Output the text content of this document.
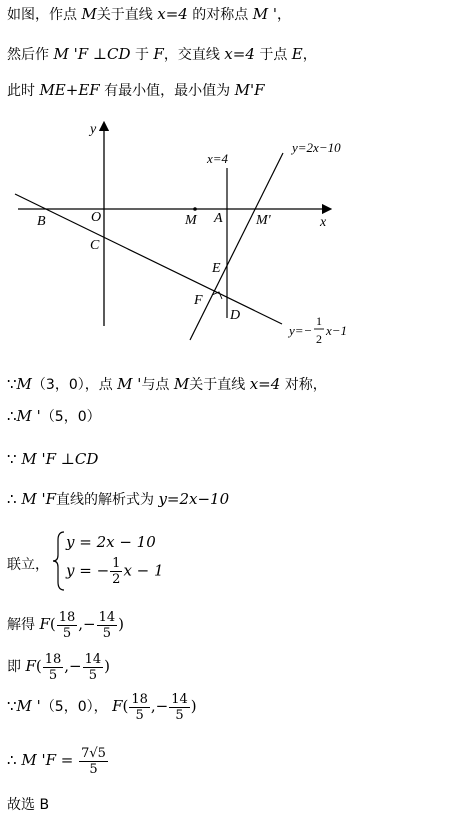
如图，作点 M关于直线 x=4 的对称点 M '，
然后作 M 'F ⊥CD 于 F，交直线 x=4 于点 E，
此时 ME+EF 有最小值，最小值为 M'F
y
x
B	O
C
M A M'
E
F
D
x=4
y=2x−10
y=−
1
2
x−1
∵M（3，0），点 M '与点 M关于直线 x=4 对称，
∴M '（5，0）
∵ M 'F ⊥CD
∴ M 'F直线的解析式为 y=2x−10
联立，
y = 2x − 10
y = − $\frac{1}{2}$ x − 1
解得 $F( \frac{18}{5}$ ,− $\frac{14}{5}$ )
即 $F( \frac{18}{5}$ ,− $\frac{14}{5}$ )
∵M '（5，0）， $F( \frac{18}{5}$ ,− $\frac{14}{5}$ )
∴ M '$F = \frac{7√5}{5}$
故选 B
